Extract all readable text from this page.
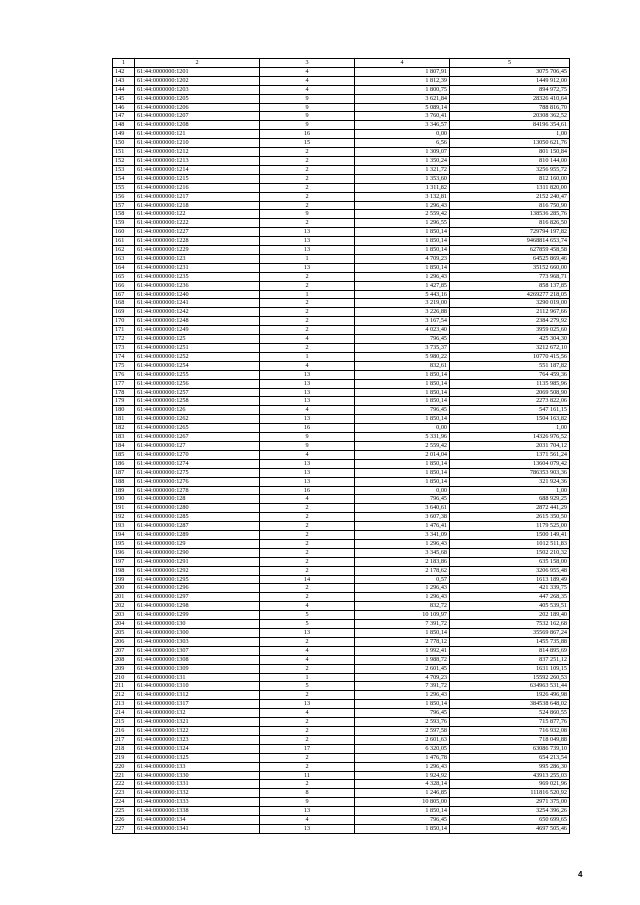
1	2	3	4	5
142	61:44:0000000:1201	4	1 807,91	3075 706,45
143	61:44:0000000:1202	4	1 812,39	1449 912,00
144	61:44:0000000:1203	4	1 800,75	894 972,75
145	61:44:0000000:1205	9	3 621,84	28326 410,64
146	61:44:0000000:1206	9	5 089,14	788 816,70
147	61:44:0000000:1207	9	3 760,41	20308 362,52
148	61:44:0000000:1208	9	3 346,57	84196 354,61
149	61:44:0000000:121	16	0,00	1,00
150	61:44:0000000:1210	15	6,56	13050 621,76
151	61:44:0000000:1212	2	1 309,07	801 150,84
152	61:44:0000000:1213	2	1 350,24	810 144,00
153	61:44:0000000:1214	2	1 321,72	3256 955,72
154	61:44:0000000:1215	2	1 353,60	812 160,00
155	61:44:0000000:1216	2	1 311,82	1311 820,00
156	61:44:0000000:1217	2	3 132,81	2152 240,47
157	61:44:0000000:1218	2	1 296,43	816 750,90
158	61:44:0000000:122	9	2 559,42	138536 285,76
159	61:44:0000000:1222	2	1 296,55	816 826,50
160	61:44:0000000:1227	13	1 850,14	729794 197,82
161	61:44:0000000:1228	13	1 850,14	9468814 653,74
162	61:44:0000000:1229	13	1 850,14	627859 458,58
163	61:44:0000000:123	1	4 709,23	64525 869,46
164	61:44:0000000:1231	13	1 850,14	35152 660,00
165	61:44:0000000:1235	2	1 296,43	773 968,71
166	61:44:0000000:1236	2	1 427,85	858 137,85
167	61:44:0000000:1240	1	5 443,16	4269277 218,05
168	61:44:0000000:1241	2	3 219,00	3290 019,00
169	61:44:0000000:1242	2	3 226,88	2112 967,66
170	61:44:0000000:1248	2	3 167,54	2384 279,92
171	61:44:0000000:1249	2	4 023,40	3959 025,60
172	61:44:0000000:125	4	796,45	425 304,30
173	61:44:0000000:1251	2	3 735,37	3212 672,10
174	61:44:0000000:1252	1	5 980,22	10770 415,56
175	61:44:0000000:1254	4	832,61	551 187,82
176	61:44:0000000:1255	13	1 850,14	764 459,36
177	61:44:0000000:1256	13	1 850,14	1135 985,96
178	61:44:0000000:1257	13	1 850,14	2069 508,90
179	61:44:0000000:1258	13	1 850,14	2273 822,06
180	61:44:0000000:126	4	796,45	547 161,15
181	61:44:0000000:1262	13	1 850,14	1504 163,82
182	61:44:0000000:1265	16	0,00	1,00
183	61:44:0000000:1267	9	5 331,96	14326 976,52
184	61:44:0000000:127	9	2 559,42	2031 704,12
185	61:44:0000000:1270	4	2 014,04	1371 561,24
186	61:44:0000000:1274	13	1 850,14	13604 079,42
187	61:44:0000000:1275	13	1 850,14	786353 903,36
188	61:44:0000000:1276	13	1 850,14	321 924,36
189	61:44:0000000:1278	16	0,00	1,00
190	61:44:0000000:128	4	796,45	688 929,25
191	61:44:0000000:1280	2	3 640,61	2872 441,29
192	61:44:0000000:1285	2	3 607,38	2615 350,50
193	61:44:0000000:1287	2	1 476,41	1179 525,00
194	61:44:0000000:1289	2	3 341,09	1500 149,41
195	61:44:0000000:129	2	1 296,43	1012 511,83
196	61:44:0000000:1290	2	3 345,68	1502 210,32
197	61:44:0000000:1291	2	2 183,86	635 158,00
198	61:44:0000000:1292	2	2 178,62	3206 955,48
199	61:44:0000000:1295	14	0,57	1613 189,49
200	61:44:0000000:1296	2	1 296,43	421 339,75
201	61:44:0000000:1297	2	1 296,43	447 268,35
202	61:44:0000000:1298	4	832,72	405 539,51
203	61:44:0000000:1299	5	10 109,97	202 189,40
204	61:44:0000000:130	5	7 391,72	7532 162,68
205	61:44:0000000:1300	13	1 850,14	35569 867,24
206	61:44:0000000:1303	2	2 778,12	1455 735,88
207	61:44:0000000:1307	4	1 992,41	814 895,69
208	61:44:0000000:1308	4	1 988,72	837 251,12
209	61:44:0000000:1309	2	2 601,45	1631 109,15
210	61:44:0000000:131	1	4 709,23	15592 260,53
211	61:44:0000000:1310	5	7 391,72	634963 531,44
212	61:44:0000000:1312	2	1 296,43	1926 496,98
213	61:44:0000000:1317	13	1 850,14	384538 648,02
214	61:44:0000000:132	4	796,45	524 860,55
215	61:44:0000000:1321	2	2 593,76	715 877,76
216	61:44:0000000:1322	2	2 597,58	716 932,08
217	61:44:0000000:1323	2	2 601,63	718 049,88
218	61:44:0000000:1324	17	6 320,05	63086 739,10
219	61:44:0000000:1325	2	1 476,78	654 213,54
220	61:44:0000000:133	2	1 296,43	995 286,30
221	61:44:0000000:1330	11	1 924,92	43913 255,03
222	61:44:0000000:1331	2	4 328,14	969 021,96
223	61:44:0000000:1332	8	1 246,85	111816 520,92
224	61:44:0000000:1333	9	10 805,00	2971 375,00
225	61:44:0000000:1338	13	1 850,14	3254 396,26
226	61:44:0000000:134	4	796,45	650 699,65
227	61:44:0000000:1341	13	1 850,14	4697 505,46
4
